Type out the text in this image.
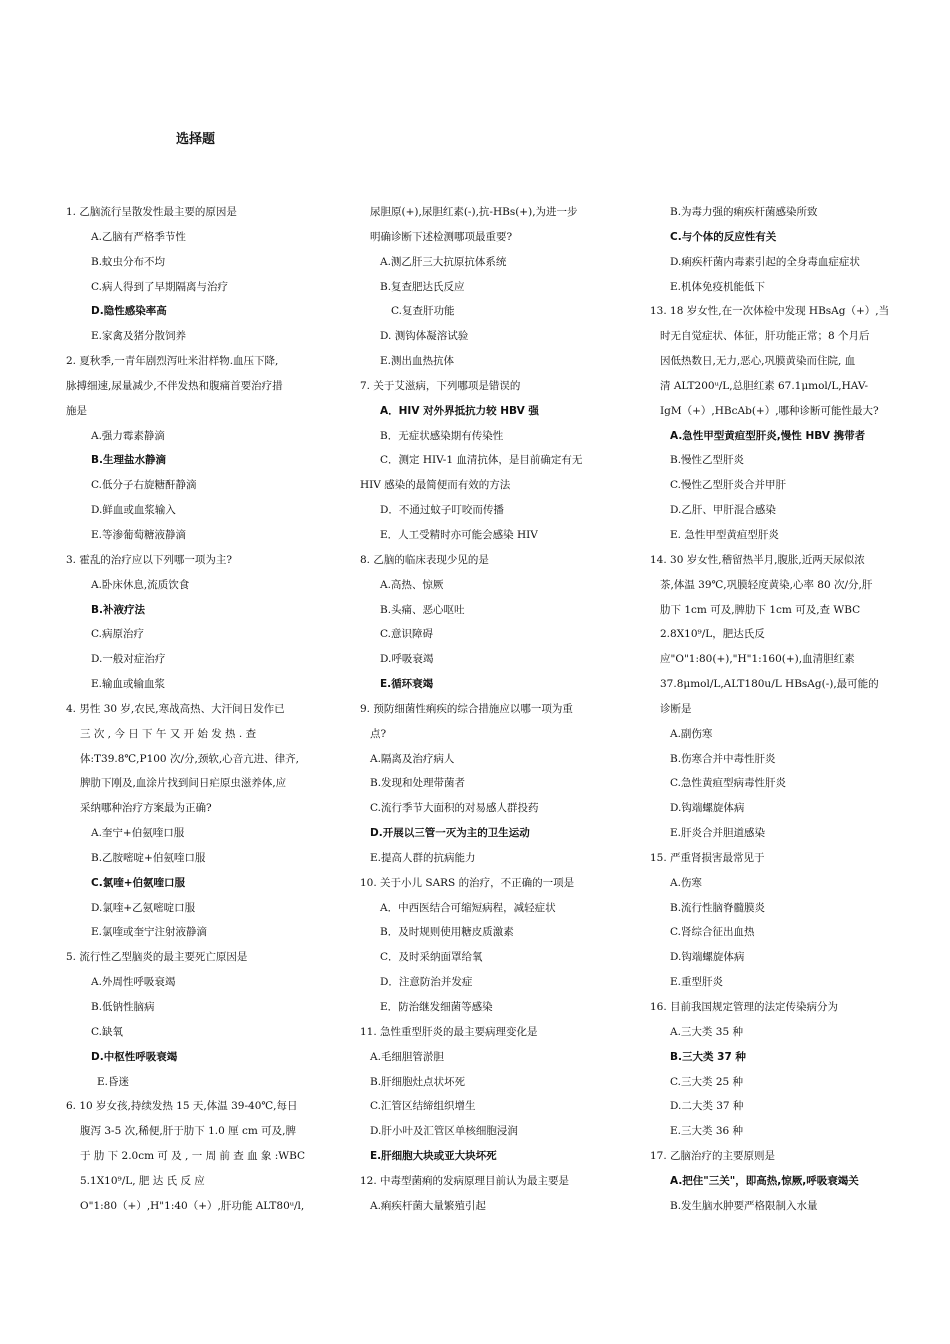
选择题
1. 乙脑流行呈散发性最主要的原因是
A.乙脑有严格季节性
B.蚊虫分布不均
C.病人得到了早期隔离与治疗
D.隐性感染率高
E.家禽及猪分散饲养
2. 夏秋季,一青年剧烈泻吐米泔样物.血压下降,
脉搏细速,尿量减少,不伴发热和腹痛首要治疗措
施是
A.强力霉素静滴
B.生理盐水静滴
C.低分子右旋糖酐静滴
D.鲜血或血浆输入
E.等渗葡萄糖液静滴
3. 霍乱的治疗应以下列哪一项为主?
A.卧床休息,流质饮食
B.补液疗法
C.病原治疗
D.一般对症治疗
E.输血或输血浆
4. 男性 30 岁,农民,寒战高热、大汗间日发作已
三 次 , 今 日 下 午 又 开 始 发 热 . 查
体:T39.8℃,P100 次/分,颈软,心音亢进、律齐,
脾肋下刚及,血涂片找到间日疟原虫滋养体,应
采纳哪种治疗方案最为正确?
A.奎宁+伯氨喹口服
B.乙胺嘧啶+伯氨喹口服
C.氯喹+伯氨喹口服
D.氯喹+乙氨嘧啶口服
E.氯喹或奎宁注射液静滴
5. 流行性乙型脑炎的最主要死亡原因是
A.外周性呼吸衰竭
B.低钠性脑病
C.缺氧
D.中枢性呼吸衰竭
E.昏迷
6. 10 岁女孩,持续发热 15 天,体温 39-40℃,每日
腹泻 3-5 次,稀便,肝于肋下 1.0 厘 cm 可及,脾
于 肋 下 2.0cm 可 及 , 一 周 前 查 血 象 :WBC
5.1X10⁹/L, 肥 达 氏 反 应
O"1:80（+）,H"1:40（+）,肝功能 ALT80ᵘ/l,
尿胆原(+),尿胆红素(-),抗-HBs(+),为进一步
明确诊断下述检测哪项最重要?
A.测乙肝三大抗原抗体系统
B.复查肥达氏反应
C.复查肝功能
D. 测钩体凝溶试验
E.测出血热抗体
7. 关于艾滋病，下列哪项是错误的
A．HIV 对外界抵抗力较 HBV 强
B．无症状感染期有传染性
C．测定 HIV-1 血清抗体，是目前确定有无
HIV 感染的最简便而有效的方法
D．不通过蚊子叮咬而传播
E．人工受精时亦可能会感染 HIV
8. 乙脑的临床表现少见的是
A.高热、惊厥
B.头痛、恶心呕吐
C.意识障碍
D.呼吸衰竭
E.循环衰竭
9. 预防细菌性痢疾的综合措施应以哪一项为重
点?
A.隔离及治疗病人
B.发现和处理带菌者
C.流行季节大面积的对易感人群投药
D.开展以三管一灭为主的卫生运动
E.提高人群的抗病能力
10. 关于小儿 SARS 的治疗，不正确的一项是
A．中西医结合可缩短病程，减轻症状
B．及时规则使用糖皮质激素
C．及时采纳面罩给氧
D．注意防治并发症
E．防治继发细菌等感染
11. 急性重型肝炎的最主要病理变化是
A.毛细胆管淤胆
B.肝细胞灶点状坏死
C.汇管区结缔组织增生
D.肝小叶及汇管区单核细胞浸润
E.肝细胞大块或亚大块坏死
12. 中毒型菌痢的发病原理目前认为最主要是
A.痢疾杆菌大量繁殖引起
B.为毒力强的痢疾杆菌感染所致
C.与个体的反应性有关
D.痢疾杆菌内毒素引起的全身毒血症症状
E.机体免疫机能低下
13. 18 岁女性,在一次体检中发现 HBsAg（+）,当
时无自觉症状、体征，肝功能正常；8 个月后
因低热数日,无力,恶心,巩膜黄染而住院, 血
清 ALT200ᵘ/L,总胆红素 67.1μmol/L,HAV-
IgM（+）,HBcAb(+）,哪种诊断可能性最大?
A.急性甲型黄疸型肝炎,慢性 HBV 携带者
B.慢性乙型肝炎
C.慢性乙型肝炎合并甲肝
D.乙肝、甲肝混合感染
E. 急性甲型黄疸型肝炎
14. 30 岁女性,稽留热半月,腹胀,近两天尿似浓
茶,体温 39℃,巩膜轻度黄染,心率 80 次/分,肝
肋下 1cm 可及,脾肋下 1cm 可及,查 WBC
2.8X10⁹/L，肥达氏反
应"O"1:80(+),"H"1:160(+),血清胆红素
37.8μmol/L,ALT180u/L HBsAg(-),最可能的
诊断是
A.副伤寒
B.伤寒合并中毒性肝炎
C.急性黄疸型病毒性肝炎
D.钩端螺旋体病
E.肝炎合并胆道感染
15. 严重肾损害最常见于
A.伤寒
B.流行性脑脊髓膜炎
C.肾综合征出血热
D.钩端螺旋体病
E.重型肝炎
16. 目前我国规定管理的法定传染病分为
A.三大类 35 种
B.三大类 37 种
C.三大类 25 种
D.二大类 37 种
E.三大类 36 种
17. 乙脑治疗的主要原则是
A.把住"三关"，即高热,惊厥,呼吸衰竭关
B.发生脑水肿要严格限制入水量
